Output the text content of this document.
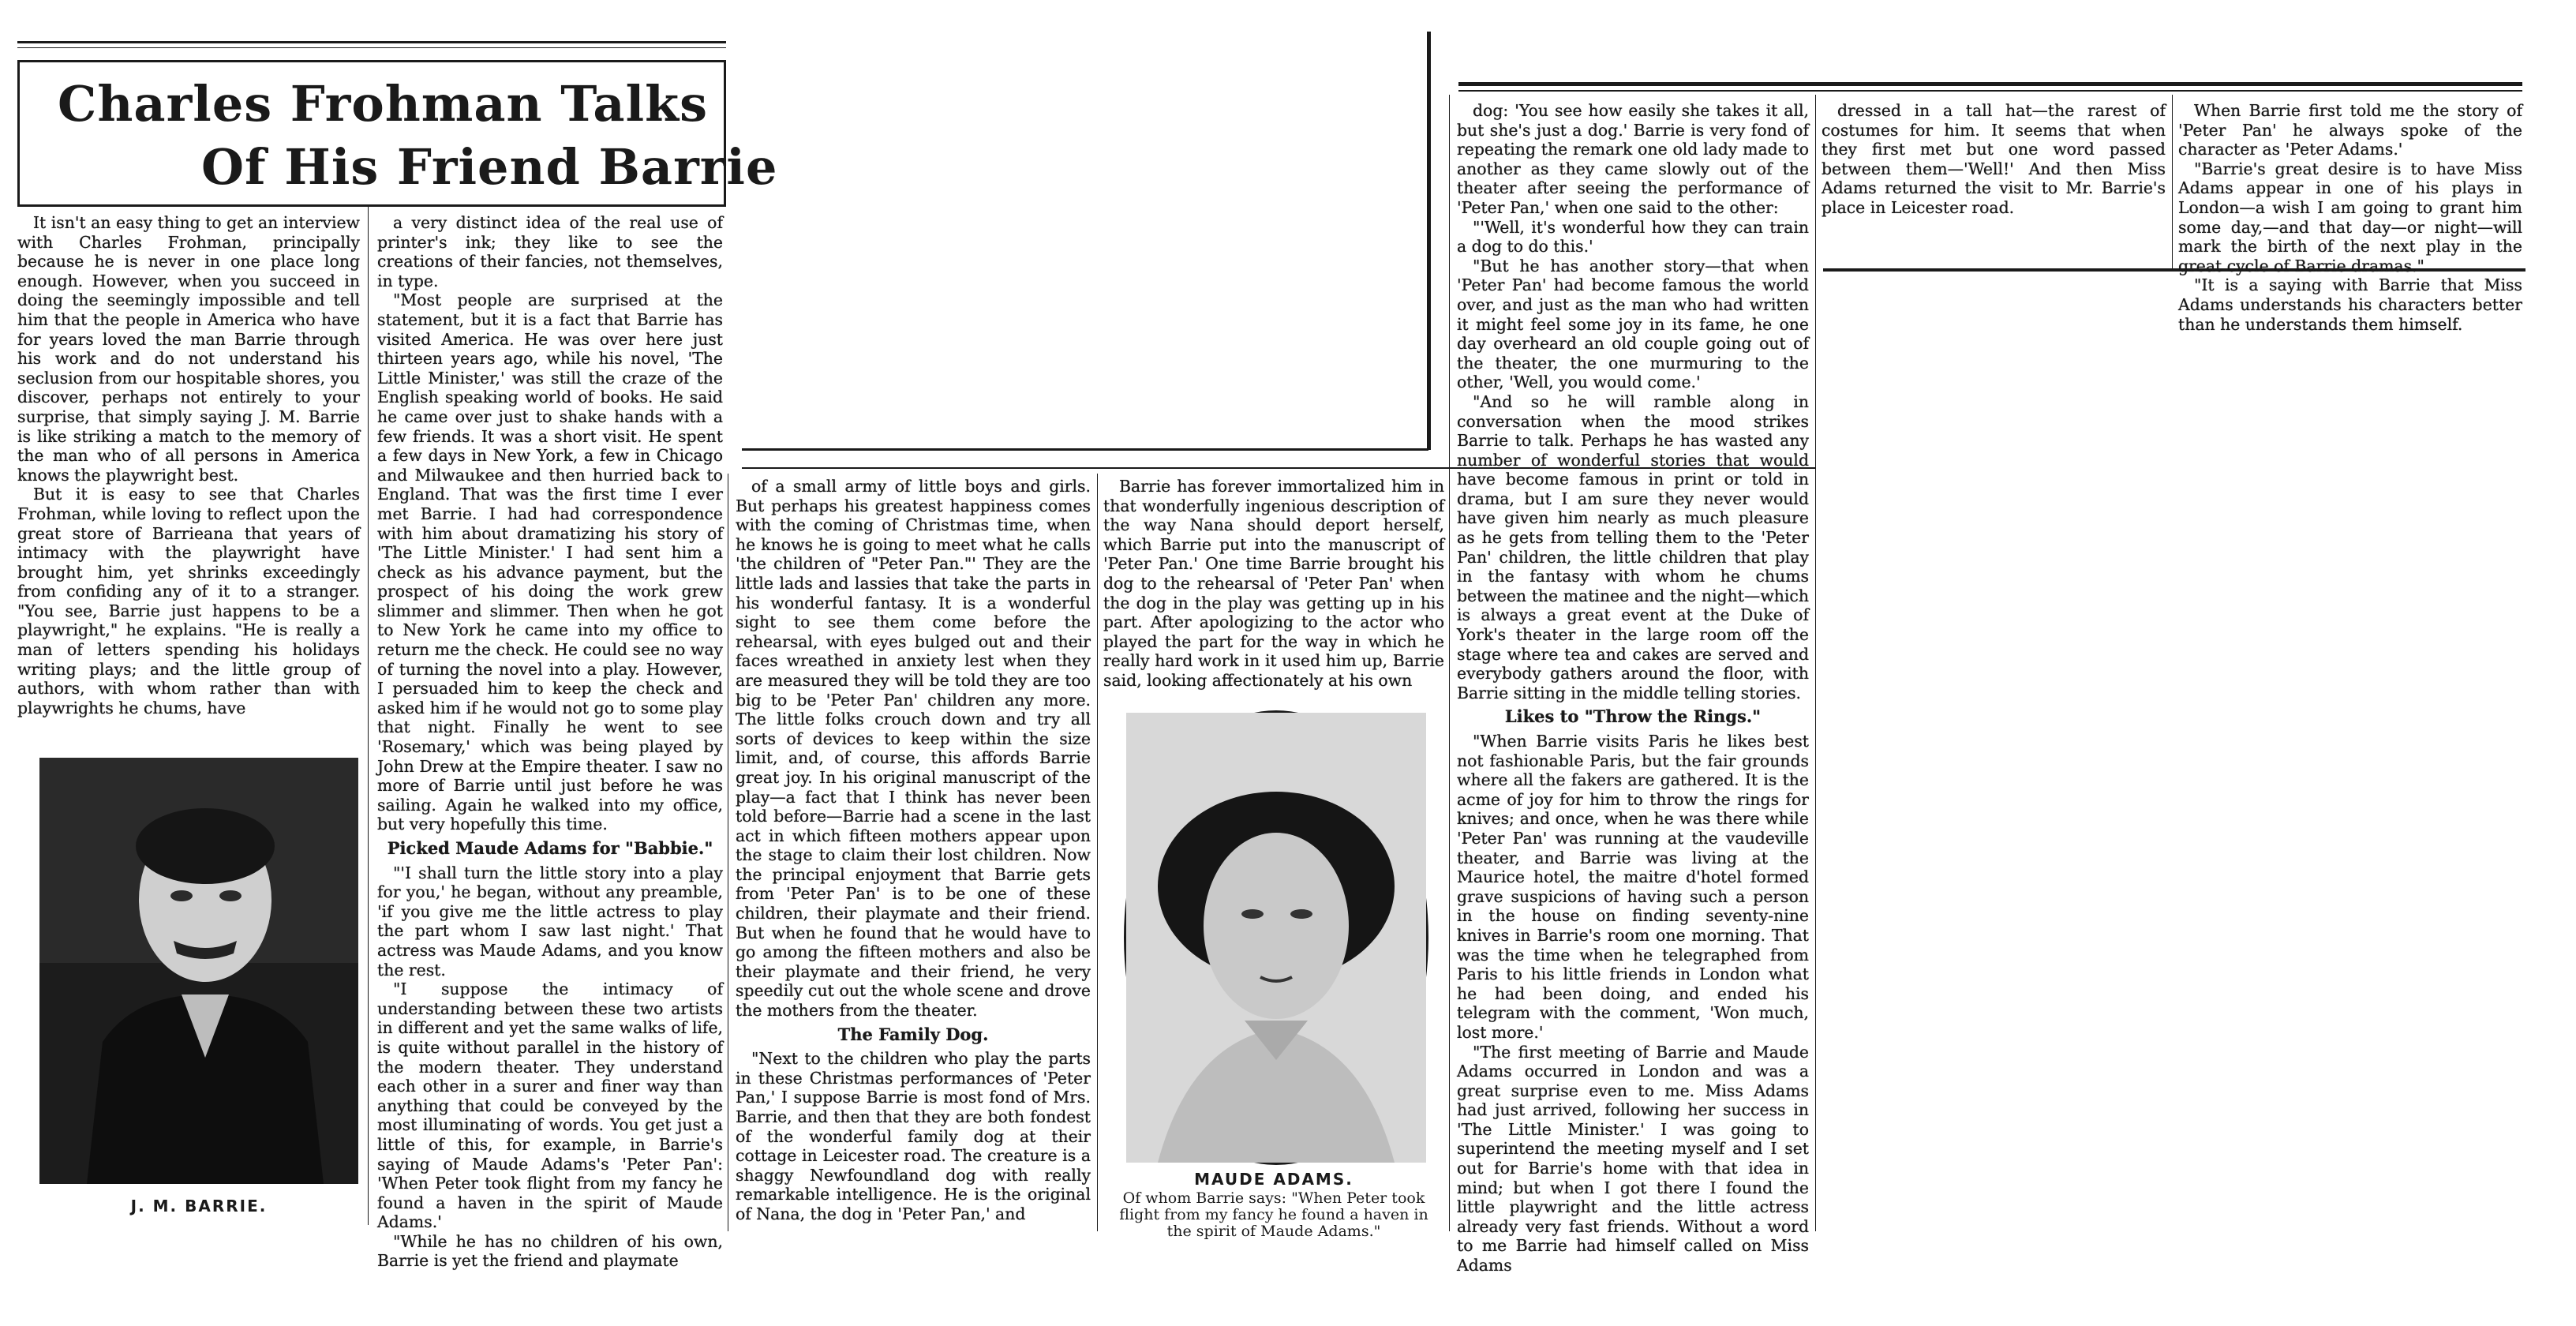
Charles Frohman Talks
Of His Friend Barrie

It isn't an easy thing to get an interview with Charles Frohman, principally because he is never in one place long enough. However, when you succeed in doing the seemingly impossible and tell him that the people in America who have for years loved the man Barrie through his work and do not understand his seclusion from our hospitable shores, you discover, perhaps not entirely to your surprise, that simply saying J. M. Barrie is like striking a match to the memory of the man who of all persons in America knows the playwright best.

But it is easy to see that Charles Frohman, while loving to reflect upon the great store of Barrieana that years of intimacy with the playwright have brought him, yet shrinks exceedingly from confiding any of it to a stranger. "You see, Barrie just happens to be a playwright," he explains. "He is really a man of letters spending his holidays writing plays; and the little group of authors, with whom rather than with playwrights he chums, have

J. M. BARRIE.

a very distinct idea of the real use of printer's ink; they like to see the creations of their fancies, not themselves, in type.

"Most people are surprised at the statement, but it is a fact that Barrie has visited America. He was over here just thirteen years ago, while his novel, 'The Little Minister,' was still the craze of the English speaking world of books. He said he came over just to shake hands with a few friends. It was a short visit. He spent a few days in New York, a few in Chicago and Milwaukee and then hurried back to England. That was the first time I ever met Barrie. I had had correspondence with him about dramatizing his story of 'The Little Minister.' I had sent him a check as his advance payment, but the prospect of his doing the work grew slimmer and slimmer. Then when he got to New York he came into my office to return me the check. He could see no way of turning the novel into a play. However, I persuaded him to keep the check and asked him if he would not go to some play that night. Finally he went to see 'Rosemary,' which was being played by John Drew at the Empire theater. I saw no more of Barrie until just before he was sailing. Again he walked into my office, but very hopefully this time.

Picked Maude Adams for "Babbie."

"'I shall turn the little story into a play for you,' he began, without any preamble, 'if you give me the little actress to play the part whom I saw last night.' That actress was Maude Adams, and you know the rest.

"I suppose the intimacy of understanding between these two artists in different and yet the same walks of life, is quite without parallel in the history of the modern theater. They understand each other in a surer and finer way than anything that could be conveyed by the most illuminating of words. You get just a little of this, for example, in Barrie's saying of Maude Adams's 'Peter Pan': 'When Peter took flight from my fancy he found a haven in the spirit of Maude Adams.'

"While he has no children of his own, Barrie is yet the friend and playmate

of a small army of little boys and girls. But perhaps his greatest happiness comes with the coming of Christmas time, when he knows he is going to meet what he calls 'the children of "Peter Pan."' They are the little lads and lassies that take the parts in his wonderful fantasy. It is a wonderful sight to see them come before the rehearsal, with eyes bulged out and their faces wreathed in anxiety lest when they are measured they will be told they are too big to be 'Peter Pan' children any more. The little folks crouch down and try all sorts of devices to keep within the size limit, and, of course, this affords Barrie great joy. In his original manuscript of the play—a fact that I think has never been told before—Barrie had a scene in the last act in which fifteen mothers appear upon the stage to claim their lost children. Now the principal enjoyment that Barrie gets from 'Peter Pan' is to be one of these children, their playmate and their friend. But when he found that he would have to go among the fifteen mothers and also be their playmate and their friend, he very speedily cut out the whole scene and drove the mothers from the theater.

The Family Dog.

"Next to the children who play the parts in these Christmas performances of 'Peter Pan,' I suppose Barrie is most fond of Mrs. Barrie, and then that they are both fondest of the wonderful family dog at their cottage in Leicester road. The creature is a shaggy Newfoundland dog with really remarkable intelligence. He is the original of Nana, the dog in 'Peter Pan,' and

Barrie has forever immortalized him in that wonderfully ingenious description of the way Nana should deport herself, which Barrie put into the manuscript of 'Peter Pan.' One time Barrie brought his dog to the rehearsal of 'Peter Pan' when the dog in the play was getting up in his part. After apologizing to the actor who played the part for the way in which he really hard work in it used him up, Barrie said, looking affectionately at his own

MAUDE ADAMS.
Of whom Barrie says: "When Peter took flight from my fancy he found a haven in the spirit of Maude Adams."

dog: 'You see how easily she takes it all, but she's just a dog.' Barrie is very fond of repeating the remark one old lady made to another as they came slowly out of the theater after seeing the performance of 'Peter Pan,' when one said to the other:

"'Well, it's wonderful how they can train a dog to do this.'

"But he has another story—that when 'Peter Pan' had become famous the world over, and just as the man who had written it might feel some joy in its fame, he one day overheard an old couple going out of the theater, the one murmuring to the other, 'Well, you would come.'

"And so he will ramble along in conversation when the mood strikes Barrie to talk. Perhaps he has wasted any number of wonderful stories that would have become famous in print or told in drama, but I am sure they never would have given him nearly as much pleasure as he gets from telling them to the 'Peter Pan' children, the little children that play in the fantasy with whom he chums between the matinee and the night—which is always a great event at the Duke of York's theater in the large room off the stage where tea and cakes are served and everybody gathers around the floor, with Barrie sitting in the middle telling stories.

Likes to "Throw the Rings."

"When Barrie visits Paris he likes best not fashionable Paris, but the fair grounds where all the fakers are gathered. It is the acme of joy for him to throw the rings for knives; and once, when he was there while 'Peter Pan' was running at the vaudeville theater, and Barrie was living at the Maurice hotel, the maitre d'hotel formed grave suspicions of having such a person in the house on finding seventy-nine knives in Barrie's room one morning. That was the time when he telegraphed from Paris to his little friends in London what he had been doing, and ended his telegram with the comment, 'Won much, lost more.'

"The first meeting of Barrie and Maude Adams occurred in London and was a great surprise even to me. Miss Adams had just arrived, following her success in 'The Little Minister.' I was going to superintend the meeting myself and I set out for Barrie's home with that idea in mind; but when I got there I found the little playwright and the little actress already very fast friends. Without a word to me Barrie had himself called on Miss Adams

dressed in a tall hat—the rarest of costumes for him. It seems that when they first met but one word passed between them—'Well!' And then Miss Adams returned the visit to Mr. Barrie's place in Leicester road.

When Barrie first told me the story of 'Peter Pan' he always spoke of the character as 'Peter Adams.'

"Barrie's great desire is to have Miss Adams appear in one of his plays in London—a wish I am going to grant him some day,—and that day—or night—will mark the birth of the next play in the great cycle of Barrie dramas."

"It is a saying with Barrie that Miss Adams understands his characters better than he understands them himself.
